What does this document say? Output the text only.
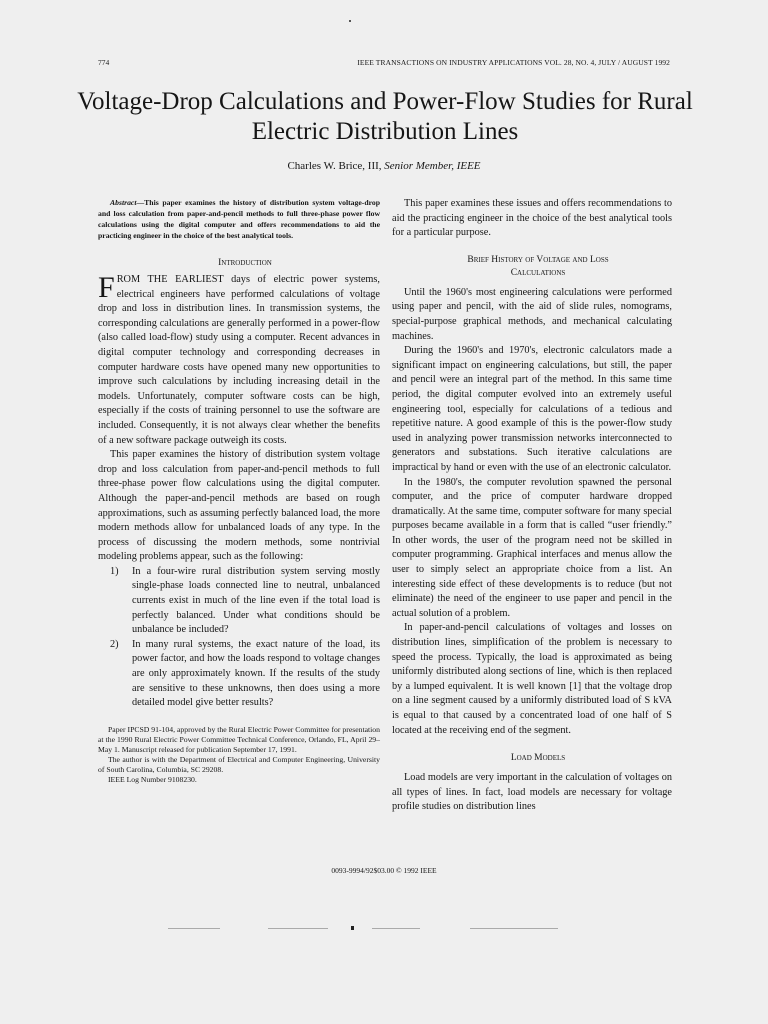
774	IEEE TRANSACTIONS ON INDUSTRY APPLICATIONS VOL. 28, NO. 4, JULY / AUGUST 1992
Voltage-Drop Calculations and Power-Flow Studies for Rural Electric Distribution Lines
Charles W. Brice, III, Senior Member, IEEE

Abstract—This paper examines the history of distribution system voltage-drop and loss calculation from paper-and-pencil methods to full three-phase power flow calculations using the digital computer and offers recommendations to aid the practicing engineer in the choice of the best analytical tools.

Introduction

FROM THE EARLIEST days of electric power systems, electrical engineers have performed calculations of voltage drop and loss in distribution lines. In transmission systems, the corresponding calculations are generally performed in a power-flow (also called load-flow) study using a computer. Recent advances in digital computer technology and corresponding decreases in computer hardware costs have opened many new opportunities to improve such calculations by including increasing detail in the models. Unfortunately, computer software costs can be high, especially if the costs of training personnel to use the software are included. Consequently, it is not always clear whether the benefits of a new software package outweigh its costs.

This paper examines the history of distribution system voltage drop and loss calculation from paper-and-pencil methods to full three-phase power flow calculations using the digital computer. Although the paper-and-pencil methods are based on rough approximations, such as assuming perfectly balanced load, the more modern methods allow for unbalanced loads of any type. In the process of discussing the modern methods, some nontrivial modeling problems appear, such as the following:

1) In a four-wire rural distribution system serving mostly single-phase loads connected line to neutral, unbalanced currents exist in much of the line even if the total load is perfectly balanced. Under what conditions should be unbalance be included?
2) In many rural systems, the exact nature of the load, its power factor, and how the loads respond to voltage changes are only approximately known. If the results of the study are sensitive to these unknowns, then does using a more detailed model give better results?

Paper IPCSD 91-104, approved by the Rural Electric Power Committee for presentation at the 1990 Rural Electric Power Committee Technical Conference, Orlando, FL, April 29–May 1. Manuscript released for publication September 17, 1991.

The author is with the Department of Electrical and Computer Engineering, University of South Carolina, Columbia, SC 29208.

IEEE Log Number 9108230.

This paper examines these issues and offers recommendations to aid the practicing engineer in the choice of the best analytical tools for a particular purpose.

Brief History of Voltage and Loss

Calculations

Until the 1960's most engineering calculations were performed using paper and pencil, with the aid of slide rules, nomograms, special-purpose graphical methods, and mechanical calculating machines.

During the 1960's and 1970's, electronic calculators made a significant impact on engineering calculations, but still, the paper and pencil were an integral part of the method. In this same time period, the digital computer evolved into an extremely useful engineering tool, especially for calculations of a tedious and repetitive nature. A good example of this is the power-flow study used in analyzing power transmission networks interconnected to generators and substations. Such iterative calculations are impractical by hand or even with the use of an electronic calculator.

In the 1980's, the computer revolution spawned the personal computer, and the price of computer hardware dropped dramatically. At the same time, computer software for many special purposes became available in a form that is called “user friendly.” In other words, the user of the program need not be skilled in computer programming. Graphical interfaces and menus allow the user to simply select an appropriate choice from a list. An interesting side effect of these developments is to reduce (but not eliminate) the need of the engineer to use paper and pencil in the actual solution of a problem.

In paper-and-pencil calculations of voltages and losses on distribution lines, simplification of the problem is necessary to speed the process. Typically, the load is approximated as being uniformly distributed along sections of line, which is then replaced by a lumped equivalent. It is well known [1] that the voltage drop on a line segment caused by a uniformly distributed load of S kVA is equal to that caused by a concentrated load of one half of S located at the receiving end of the segment.

Load Models

Load models are very important in the calculation of voltages on all types of lines. In fact, load models are necessary for voltage profile studies on distribution lines

0093-9994/92$03.00 © 1992 IEEE
